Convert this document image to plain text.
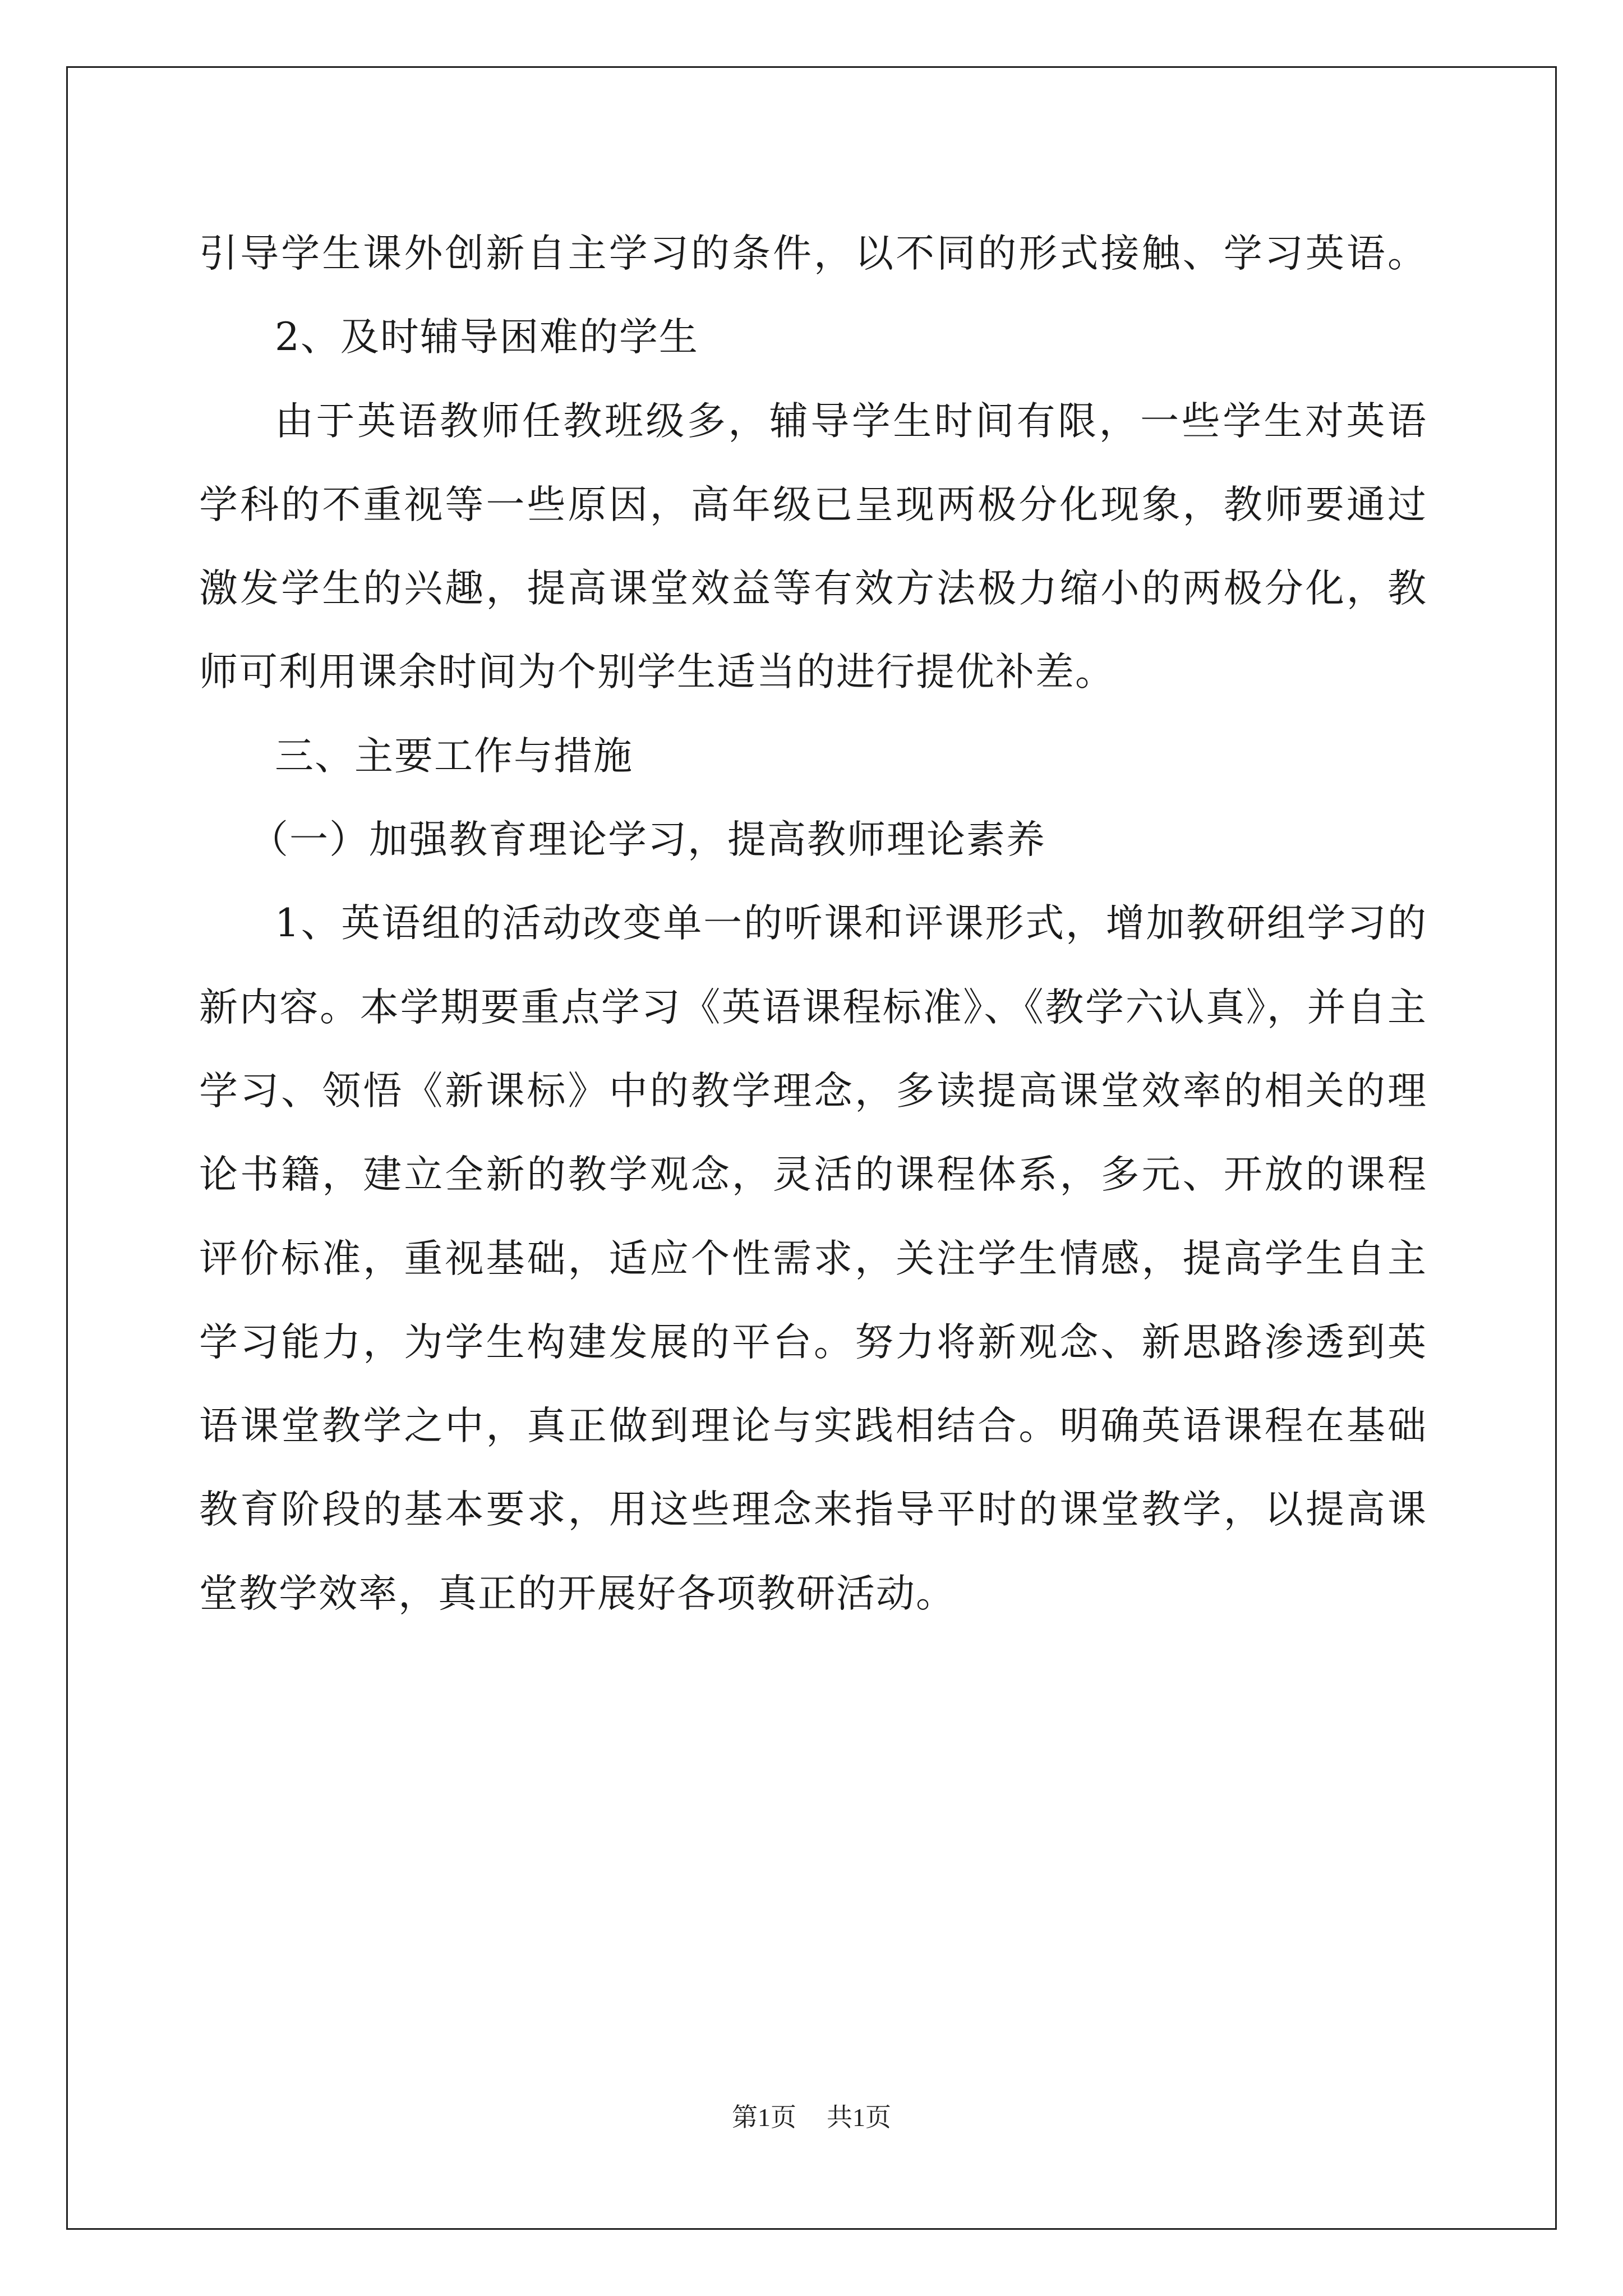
引导学生课外创新自主学习的条件，以不同的形式接触、学习英语。
2、及时辅导困难的学生
由于英语教师任教班级多，辅导学生时间有限，一些学生对英语
学科的不重视等一些原因，高年级已呈现两极分化现象，教师要通过
激发学生的兴趣，提高课堂效益等有效方法极力缩小的两极分化，教
师可利用课余时间为个别学生适当的进行提优补差。
三、主要工作与措施
（一）加强教育理论学习，提高教师理论素养
1、英语组的活动改变单一的听课和评课形式，增加教研组学习的
新内容。本学期要重点学习《英语课程标准》、《教学六认真》，并自主
学习、领悟《新课标》中的教学理念，多读提高课堂效率的相关的理
论书籍，建立全新的教学观念，灵活的课程体系，多元、开放的课程
评价标准，重视基础，适应个性需求，关注学生情感，提高学生自主
学习能力，为学生构建发展的平台。努力将新观念、新思路渗透到英
语课堂教学之中，真正做到理论与实践相结合。明确英语课程在基础
教育阶段的基本要求，用这些理念来指导平时的课堂教学，以提高课
堂教学效率，真正的开展好各项教研活动。
第1页 共1页
